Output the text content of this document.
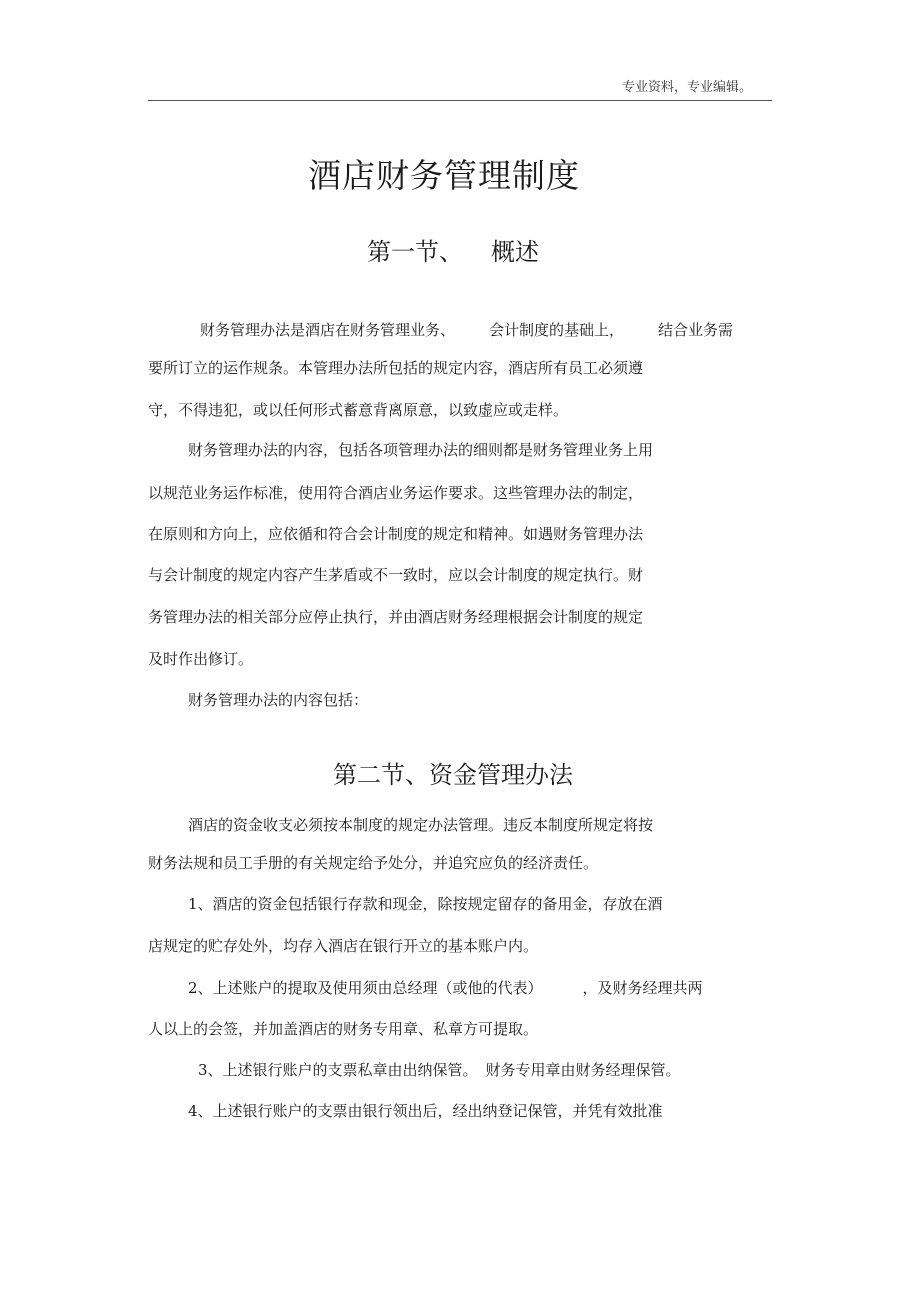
专业资料，专业编辑。
酒店财务管理制度
第一节、 概述
财务管理办法是酒店在财务管理业务、 会计制度的基础上， 结合业务需
要所订立的运作规条。本管理办法所包括的规定内容，酒店所有员工必须遵
守，不得违犯，或以任何形式蓄意背离原意，以致虚应或走样。
财务管理办法的内容，包括各项管理办法的细则都是财务管理业务上用
以规范业务运作标准，使用符合酒店业务运作要求。这些管理办法的制定，
在原则和方向上，应依循和符合会计制度的规定和精神。如遇财务管理办法
与会计制度的规定内容产生茅盾或不一致时，应以会计制度的规定执行。财
务管理办法的相关部分应停止执行，并由酒店财务经理根据会计制度的规定
及时作出修订。
财务管理办法的内容包括：
第二节、资金管理办法
酒店的资金收支必须按本制度的规定办法管理。违反本制度所规定将按
财务法规和员工手册的有关规定给予处分，并追究应负的经济责任。
1、酒店的资金包括银行存款和现金，除按规定留存的备用金，存放在酒
店规定的贮存处外，均存入酒店在银行开立的基本账户内。
2、上述账户的提取及使用须由总经理（或他的代表）	，及财务经理共两
人以上的会签，并加盖酒店的财务专用章、私章方可提取。
3、上述银行账户的支票私章由出纳保管。 财务专用章由财务经理保管。
4、上述银行账户的支票由银行领出后，经出纳登记保管，并凭有效批准
